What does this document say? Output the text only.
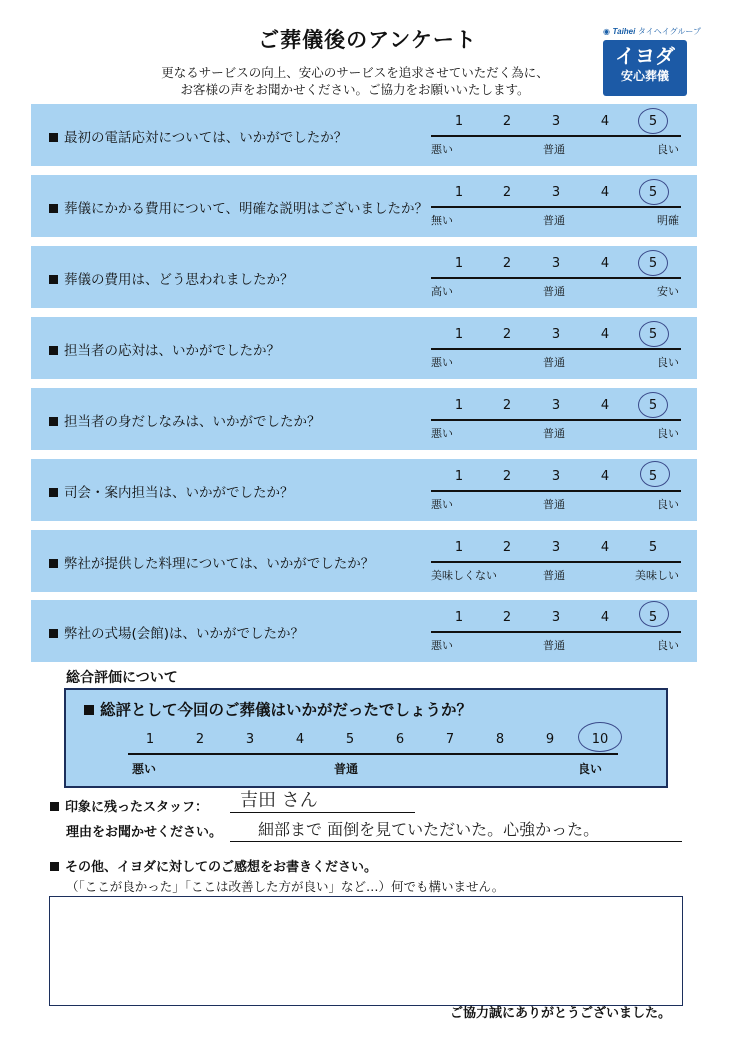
ご葬儀後のアンケート
更なるサービスの向上、安心のサービスを追求させていただく為に、
お客様の声をお聞かせください。ご協力をお願いいたします。
◉ Taihei タイヘイグループ
イヨダ
安心葬儀
最初の電話応対については、いかがでしたか？
1	2	3	4	5
悪い	普通	良い
葬儀にかかる費用について、明確な説明はございましたか？
1	2	3	4	5
無い	普通	明確
葬儀の費用は、どう思われましたか？
1	2	3	4	5
高い	普通	安い
担当者の応対は、いかがでしたか？
1	2	3	4	5
悪い	普通	良い
担当者の身だしなみは、いかがでしたか？
1	2	3	4	5
悪い	普通	良い
司会・案内担当は、いかがでしたか？
1	2	3	4	5
悪い	普通	良い
弊社が提供した料理については、いかがでしたか？
1	2	3	4	5
美味しくない	普通	美味しい
弊社の式場(会館)は、いかがでしたか？
1	2	3	4	5
悪い	普通	良い
総合評価について
総評として今回のご葬儀はいかがだったでしょうか？
1	2	3	4	5	6	7	8	9	10
悪い	普通	良い
印象に残ったスタッフ： 吉田 さん
理由をお聞かせください。 細部まで 面倒を見ていただいた。心強かった。
その他、イヨダに対してのご感想をお書きください。
（「ここが良かった」「ここは改善した方が良い」など…）何でも構いません。
ご協力誠にありがとうございました。
